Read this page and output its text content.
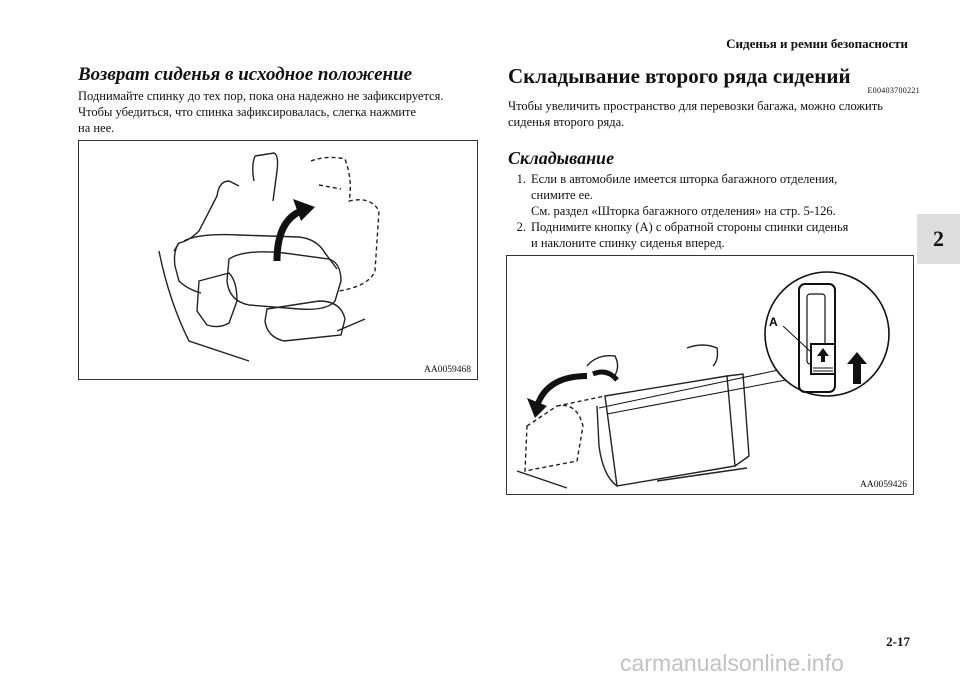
Сиденья и ремни безопасности
2
Возврат сиденья в исходное положение

Поднимайте спинку до тех пор, пока она надежно не зафиксируется.
Чтобы убедиться, что спинка зафиксировалась, слегка нажмите
на нее.

AA0059468
Складывание второго ряда сидений
E00403700221

Чтобы увеличить пространство для перевозки багажа, можно сложить
сиденья второго ряда.

Складывание
1. Если в автомобиле имеется шторка багажного отделения,
снимите ее.
См. раздел «Шторка багажного отделения» на стр. 5-126.
2. Поднимите кнопку (А) с обратной стороны спинки сиденья
и наклоните спинку сиденья вперед.
A
AA0059426
2-17
carmanualsonline.info
